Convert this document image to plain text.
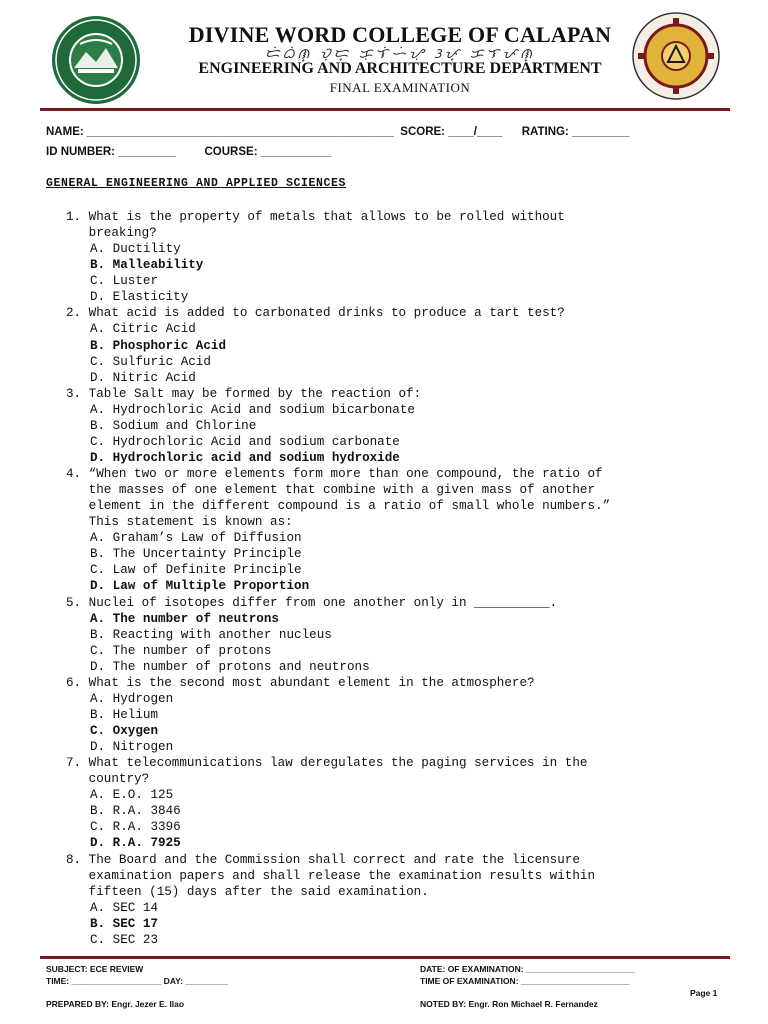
DIVINE WORD COLLEGE OF CALAPAN
ᜇᜒᜊᜒᜈ᜔ ᜏᜓᜇ᜔ ᜃᜓᜎᜒᜑᜒᜌᜓ ᜂᜉ᜔ ᜃᜎᜉᜈ᜔
ENGINEERING AND ARCHITECTURE DEPARTMENT
FINAL EXAMINATION
NAME: ________________________________________________  SCORE: ____/____      RATING: _________
ID NUMBER: _________         COURSE: ___________
GENERAL ENGINEERING AND APPLIED SCIENCES
1. What is the property of metals that allows to be rolled without
breaking?
A. Ductility
B. Malleability
C. Luster
D. Elasticity
2. What acid is added to carbonated drinks to produce a tart test?
A. Citric Acid
B. Phosphoric Acid
C. Sulfuric Acid
D. Nitric Acid
3. Table Salt may be formed by the reaction of:
A. Hydrochloric Acid and sodium bicarbonate
B. Sodium and Chlorine
C. Hydrochloric Acid and sodium carbonate
D. Hydrochloric acid and sodium hydroxide
4. “When two or more elements form more than one compound, the ratio of
the masses of one element that combine with a given mass of another
element in the different compound is a ratio of small whole numbers.”
This statement is known as:
A. Graham’s Law of Diffusion
B. The Uncertainty Principle
C. Law of Definite Principle
D. Law of Multiple Proportion
5. Nuclei of isotopes differ from one another only in __________.
A. The number of neutrons
B. Reacting with another nucleus
C. The number of protons
D. The number of protons and neutrons
6. What is the second most abundant element in the atmosphere?
A. Hydrogen
B. Helium
C. Oxygen
D. Nitrogen
7. What telecommunications law deregulates the paging services in the
country?
A. E.O. 125
B. R.A. 3846
C. R.A. 3396
D. R.A. 7925
8. The Board and the Commission shall correct and rate the licensure
examination papers and shall release the examination results within
fifteen (15) days after the said examination.
A. SEC 14
B. SEC 17
C. SEC 23
SUBJECT: ECE REVIEW	DATE: OF EXAMINATION: _______________________
TIME: ___________________ DAY: _________	TIME OF EXAMINATION: _______________________
Page 1
PREPARED BY: Engr. Jezer E. Ilao	NOTED BY: Engr. Ron Michael R. Fernandez
